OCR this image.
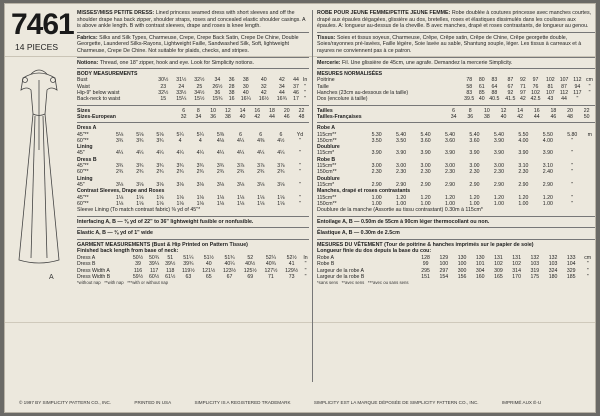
7461
14 PIECES
A

MISSES'/MISS PETITE DRESS: Lined princess seamed dress with short sleeves and off the shoulder drape has back zipper, shoulder straps, roses and concealed elastic shoulder casings. A is above ankle length. B with contrast sleeves, drape and roses is knee length.

Fabrics: Silks and Silk Types, Charmeuse, Crepe, Crepe Back Satin, Crepe De Chine, Double Georgette, Laundered Silks-Rayons, Lightweight Faille, Sandwashed Silk, Soft, lightweight Charmeuse, Crepe De Chine. Not suitable for plaids, checks, and stripes.

Notions: Thread, one 18" zipper, hook and eye. Look for Simplicity notions.

BODY MEASUREMENTS										
Bust	30½	31½	32½	34	36	38	40	42	44	In
Waist	23	24	25	26½	28	30	32	34	37	"
Hip-9" below waist	32½	33½	34½	36	38	40	42	44	46	"
Back-neck to waist	15	15¼	15½	15¾	16	16¼	16½	16¾	17	"
Sizes	6	8	10	12	14	16	18	20	22
Sizes-European	32	34	36	38	40	42	44	46	48
Dress A										
45"**	5⅛	5⅛	5⅛	5¼	5¼	5⅜	6	6	6	Yd
60"**	3¾	3¾	3¾	4	4	4⅛	4¼	4⅜	4½	"
Lining										
45"	4¼	4¼	4¼	4¼	4¼	4¼	4¼	4¼	4¼	"
Dress B										
45"**	3¾	3¾	3¾	3¾	3¾	3¾	3⅞	3⅞	3⅞	"
60"**	2¾	2¾	2¾	2¾	2¾	2¾	2¾	2¾	2¾	"
Lining										
45"	3⅛	3⅛	3⅛	3⅛	3⅛	3⅛	3⅛	3⅛	3⅛	"
Contrast Sleeves, Drape and Roses										
45"**	1⅛	1⅛	1⅛	1⅛	1⅛	1⅛	1⅛	1⅛	1⅛	"
60"**	1⅛	1⅛	1⅛	1⅛	1⅛	1⅛	1⅛	1⅛	1⅛	"

Sleeve Lining (To match contrast fabric) ⅜ yd of 45"*

Interfacing A, B — ⅜ yd of 22" to 36" lightweight fusible or nonfusible.

Elastic A, B — ⅜ yd of 1" wide

GARMENT MEASUREMENTS (Bust & Hip Printed on Pattern Tissue)

Finished back length from base of neck:

Dress A	50½	50¾	51	51¼	51½	51¾	52	52¼	52½	In
Dress B	39	39¼	39½	39¾	40	40¼	40½	40¾	41	"
Dress Width A	116	117	118	119½	121½	123½	125½	127½	129½	"
Dress Width B	59½	60½	61½	63	65	67	69	71	73	"

*without nap **with nap ***with or without nap

ROBE POUR JEUNE FEMME/PETITE JEUNE FEMME: Robe doublée à coutures princesse avec manches courtes, drapé aux épaules dégagées, glissière au dos, bretelles, roses et élastiques dissimulés dans les coulisses aux épaules. A: longueur au-dessus de la cheville. B avec manches, drapé et roses contrastants, de longueur au genou.

Tissus: Soies et tissus soyeux, Charmeuse, Crêpe, Crêpe satin, Crêpe de Chine, Crêpe georgette double, Soies/rayonnes pré-lavées, Faille légère, Soie lavée au sable, Shantung souple, léger. Les tissus à carreaux et à rayures ne conviennent pas à ce patron.

Mercerie: Fil. Une glissière de 45cm, une agrafe. Demandez la mercerie Simplicity.

MESURES NORMALISÉES										
Poitrine	78	80	83	87	92	97	102	107	112	cm
Taille	58	61	64	67	71	76	81	87	94	"
Hanches (23cm au-dessous de la taille)	83	85	88	92	97	102	107	112	117	"
Dos (encolure à taille)	39.5	40	40.5	41.5	42	42.5	43	44	"	
Tailles	6	8	10	12	14	16	18	20	22
Tailles-Françaises	34	36	38	40	42	44	46	48	50
Robe A										
115cm**	5.30	5.40	5.40	5.40	5.40	5.40	5.50	5.50	5.80	m
150cm**	3.50	3.50	3.60	3.60	3.60	3.90	4.00	4.00	"	
Doublure										
115cm*	3.90	3.90	3.90	3.90	3.90	3.90	3.90	3.90	"	
Robe B										
115cm**	3.00	3.00	3.00	3.00	3.00	3.00	3.10	3.10	"	
150cm**	2.30	2.30	2.30	2.30	2.30	2.30	2.30	2.40	"	
Doublure										
115cm*	2.90	2.90	2.90	2.90	2.90	2.90	2.90	2.90	"	
Manches, drapé et roses contrastants										
115cm**	1.00	1.20	1.20	1.20	1.20	1.20	1.20	1.20	"	
150cm**	1.00	1.00	1.00	1.00	1.00	1.00	1.00	1.00	"	

Doublure de la manche (Assortie au tissu contrastant) 0.30m à 115cm*

Entoilage A, B — 0.50m de 55cm à 90cm léger thermocollant ou non.

Élastique A, B — 0.30m de 2.5cm

MESURES DU VÊTEMENT (Tour de poitrine & hanches imprimés sur le papier de soie)

Longueur finie du dos depuis la base du cou:

Robe A	128	129	130	130	131	131	132	132	133	cm
Robe B	99	100	100	101	102	102	103	103	104	"
Largeur de la robe A	295	297	300	304	309	314	319	324	329	"
Largeur de la robe B	151	154	156	160	165	170	175	180	185	"

*sans sens **avec sens ***avec ou sans sens

© 1997 BY SIMPLICITY PATTERN CO., INC.	PRINTED IN USA	SIMPLICITY IS A REGISTERED TRADEMARK	SIMPLICITY EST LA MARQUE DÉPOSÉE DE SIMPLICITY PATTERN CO., INC.	IMPRIMÉ AUX É-U
